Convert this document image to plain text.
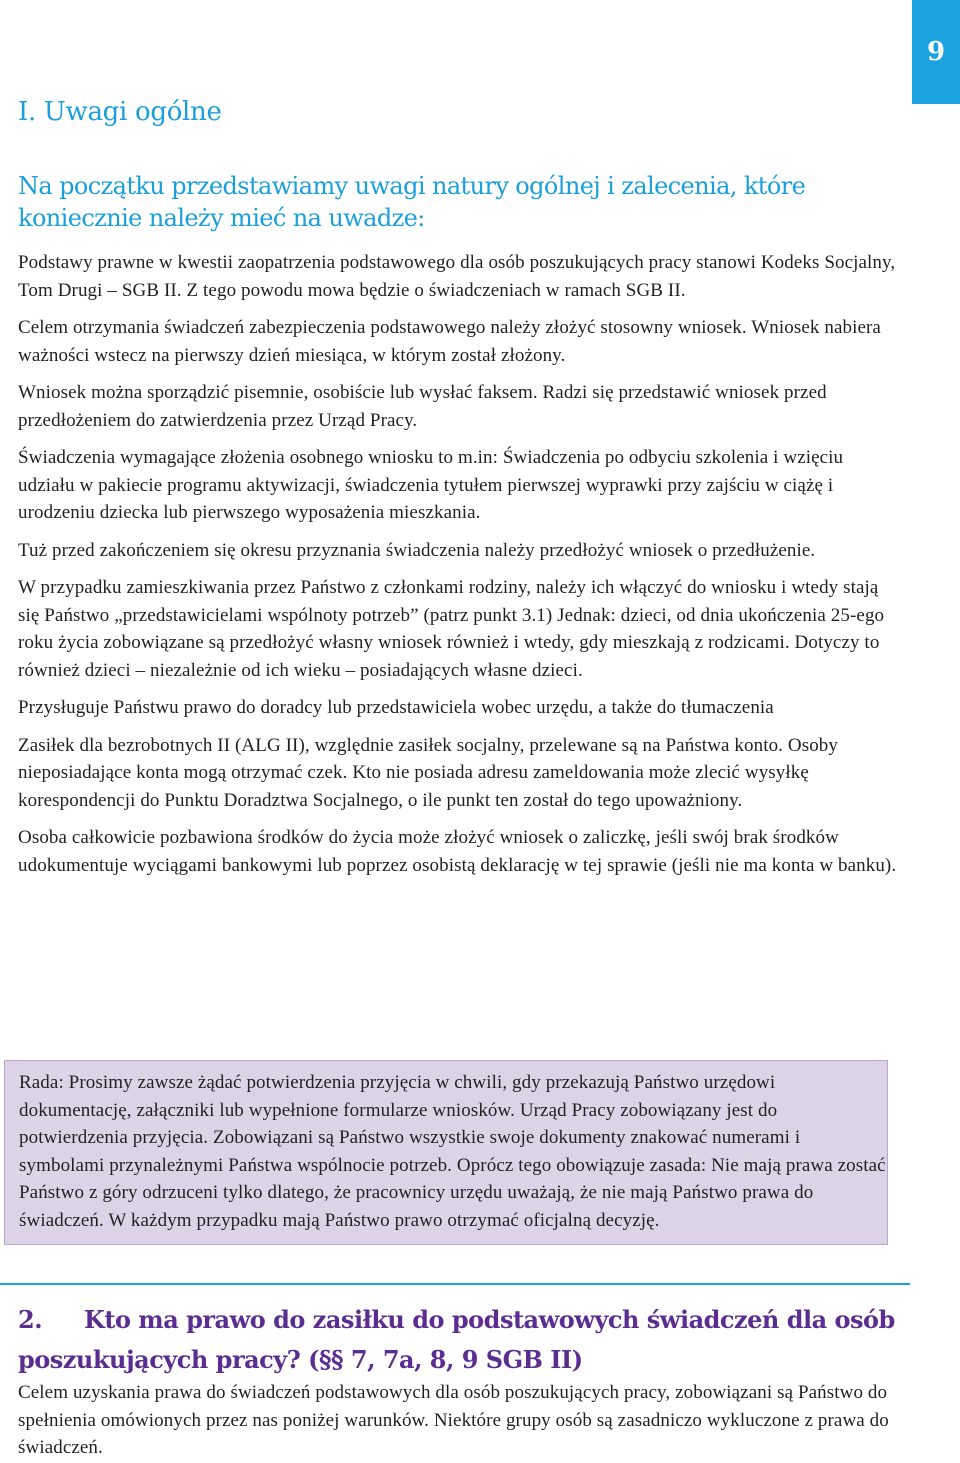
9
I. Uwagi ogólne
Na początku przedstawiamy uwagi natury ogólnej i zalecenia, które koniecznie należy mieć na uwadze:

Podstawy prawne w kwestii zaopatrzenia podstawowego dla osób poszukujących pracy stanowi Kodeks Socjalny, Tom Drugi – SGB II. Z tego powodu mowa będzie o świadczeniach w ramach SGB II.

Celem otrzymania świadczeń zabezpieczenia podstawowego należy złożyć stosowny wniosek. Wniosek nabiera ważności wstecz na pierwszy dzień miesiąca, w którym został złożony.

Wniosek można sporządzić pisemnie, osobiście lub wysłać faksem. Radzi się przedstawić wniosek przed przedłożeniem do zatwierdzenia przez Urząd Pracy.

Świadczenia wymagające złożenia osobnego wniosku to m.in: Świadczenia po odbyciu szkolenia i wzięciu udziału w pakiecie programu aktywizacji, świadczenia tytułem pierwszej wyprawki przy zajściu w ciążę i urodzeniu dziecka lub pierwszego wyposażenia mieszkania.

Tuż przed zakończeniem się okresu przyznania świadczenia należy przedłożyć wniosek o przedłużenie.

W przypadku zamieszkiwania przez Państwo z członkami rodziny, należy ich włączyć do wniosku i wtedy stają się Państwo „przedstawicielami wspólnoty potrzeb” (patrz punkt 3.1) Jednak: dzieci, od dnia ukończenia 25-ego roku życia zobowiązane są przedłożyć własny wniosek również i wtedy, gdy mieszkają z rodzicami. Dotyczy to również dzieci – niezależnie od ich wieku – posiadających własne dzieci.

Przysługuje Państwu prawo do doradcy lub przedstawiciela wobec urzędu, a także do tłumaczenia

Zasiłek dla bezrobotnych II (ALG II), względnie zasiłek socjalny, przelewane są na Państwa konto. Osoby nieposiadające konta mogą otrzymać czek. Kto nie posiada adresu zameldowania może zlecić wysyłkę korespondencji do Punktu Doradztwa Socjalnego, o ile punkt ten został do tego upoważniony.

Osoba całkowicie pozbawiona środków do życia może złożyć wniosek o zaliczkę, jeśli swój brak środków udokumentuje wyciągami bankowymi lub poprzez osobistą deklarację w tej sprawie (jeśli nie ma konta w banku).

Rada: Prosimy zawsze żądać potwierdzenia przyjęcia w chwili, gdy przekazują Państwo urzędowi dokumentację, załączniki lub wypełnione formularze wniosków. Urząd Pracy zobowiązany jest do potwierdzenia przyjęcia. Zobowiązani są Państwo wszystkie swoje dokumenty znakować numerami i symbolami przynależnymi Państwa wspólnocie potrzeb. Oprócz tego obowiązuje zasada: Nie mają prawa zostać Państwo z góry odrzuceni tylko dlatego, że pracownicy urzędu uważają, że nie mają Państwo prawa do świadczeń. W każdym przypadku mają Państwo prawo otrzymać oficjalną decyzję.

2. Kto ma prawo do zasiłku do podstawowych świadczeń dla osób poszukujących pracy? (§§ 7, 7a, 8, 9 SGB II)

Celem uzyskania prawa do świadczeń podstawowych dla osób poszukujących pracy, zobowiązani są Państwo do spełnienia omówionych przez nas poniżej warunków. Niektóre grupy osób są zasadniczo wykluczone z prawa do świadczeń.
